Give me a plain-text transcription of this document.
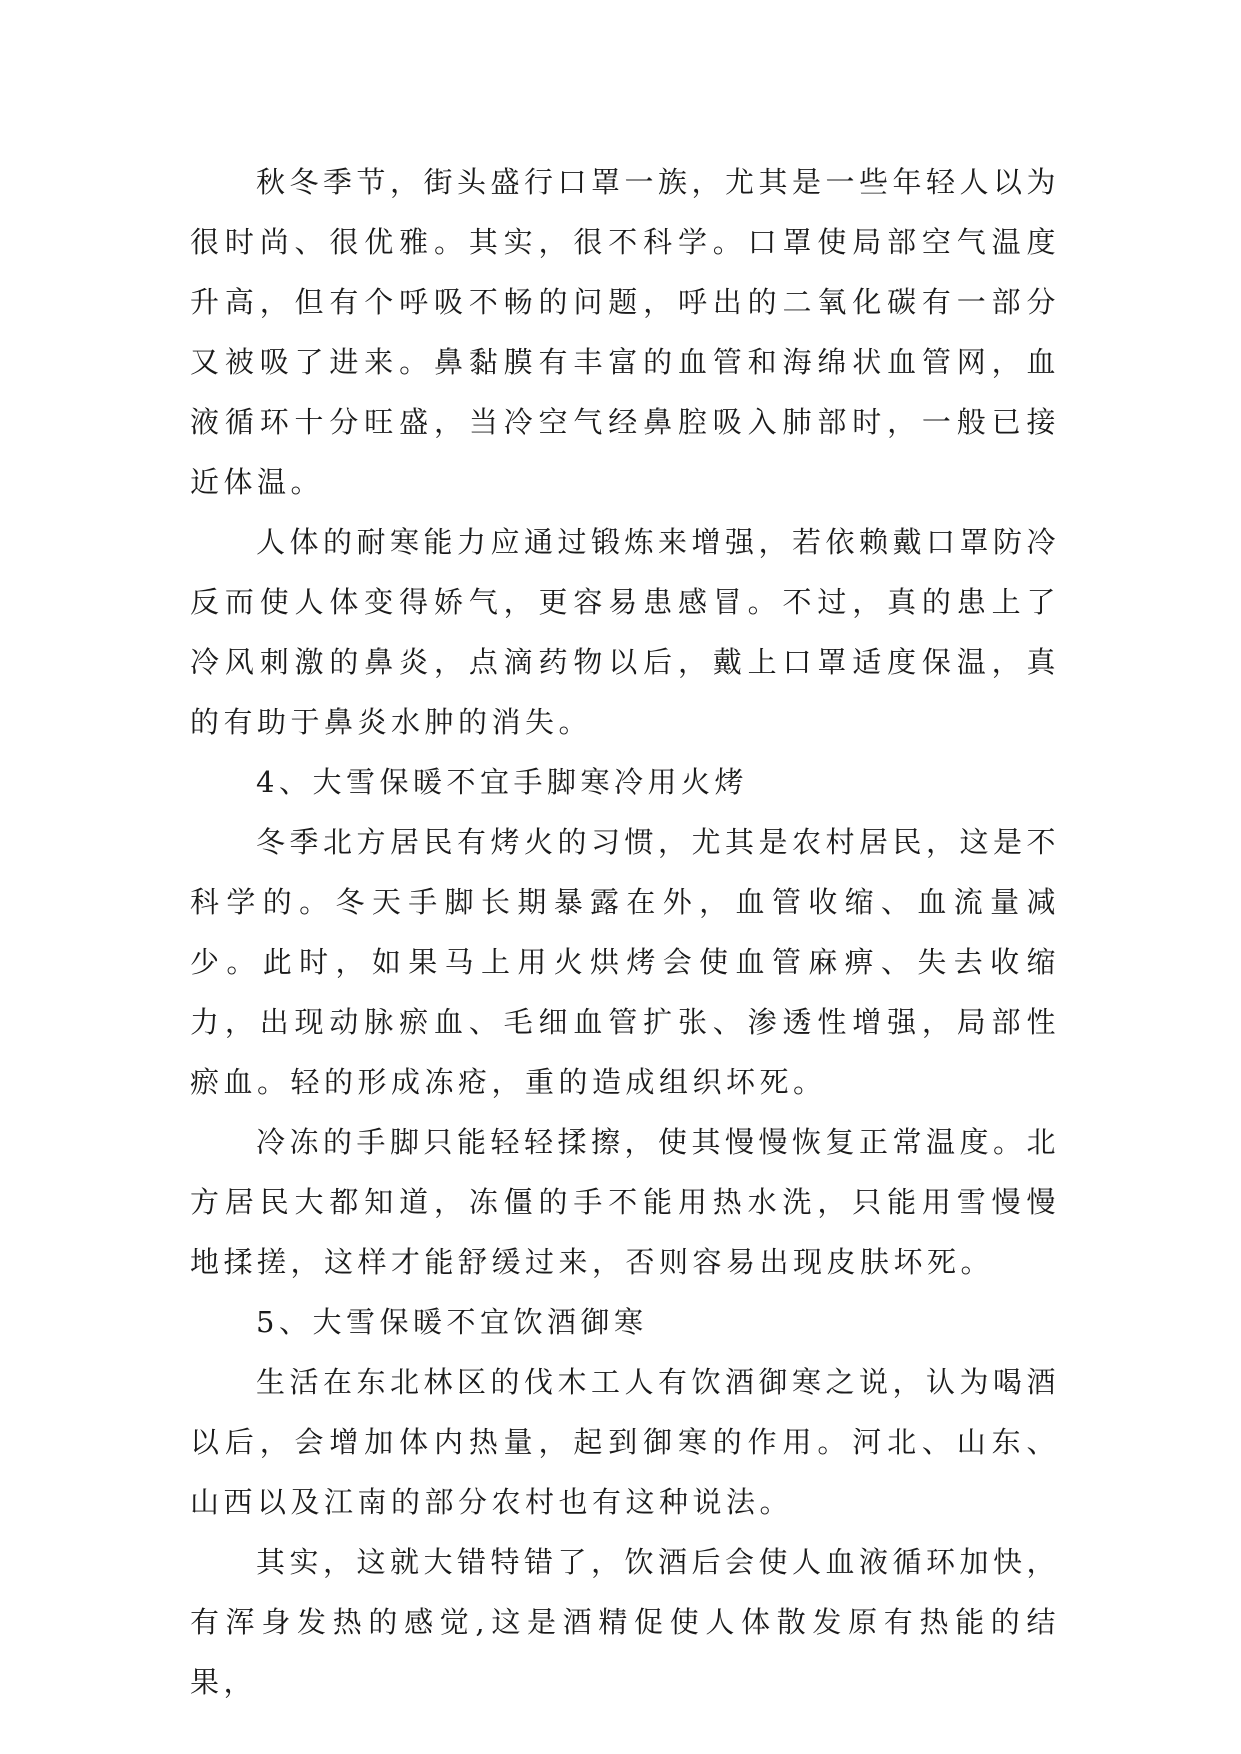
秋冬季节，街头盛行口罩一族，尤其是一些年轻人以为很时尚、很优雅。其实，很不科学。口罩使局部空气温度升高，但有个呼吸不畅的问题，呼出的二氧化碳有一部分又被吸了进来。鼻黏膜有丰富的血管和海绵状血管网，血液循环十分旺盛，当冷空气经鼻腔吸入肺部时，一般已接近体温。

人体的耐寒能力应通过锻炼来增强，若依赖戴口罩防冷反而使人体变得娇气，更容易患感冒。不过，真的患上了冷风刺激的鼻炎，点滴药物以后，戴上口罩适度保温，真的有助于鼻炎水肿的消失。

4、大雪保暖不宜手脚寒冷用火烤

冬季北方居民有烤火的习惯，尤其是农村居民，这是不科学的。冬天手脚长期暴露在外，血管收缩、血流量减少。此时，如果马上用火烘烤会使血管麻痹、失去收缩力，出现动脉瘀血、毛细血管扩张、渗透性增强，局部性瘀血。轻的形成冻疮，重的造成组织坏死。

冷冻的手脚只能轻轻揉擦，使其慢慢恢复正常温度。北方居民大都知道，冻僵的手不能用热水洗，只能用雪慢慢地揉搓，这样才能舒缓过来，否则容易出现皮肤坏死。

5、大雪保暖不宜饮酒御寒

生活在东北林区的伐木工人有饮酒御寒之说，认为喝酒以后，会增加体内热量，起到御寒的作用。河北、山东、山西以及江南的部分农村也有这种说法。

其实，这就大错特错了，饮酒后会使人血液循环加快，有浑身发热的感觉,这是酒精促使人体散发原有热能的结果，
